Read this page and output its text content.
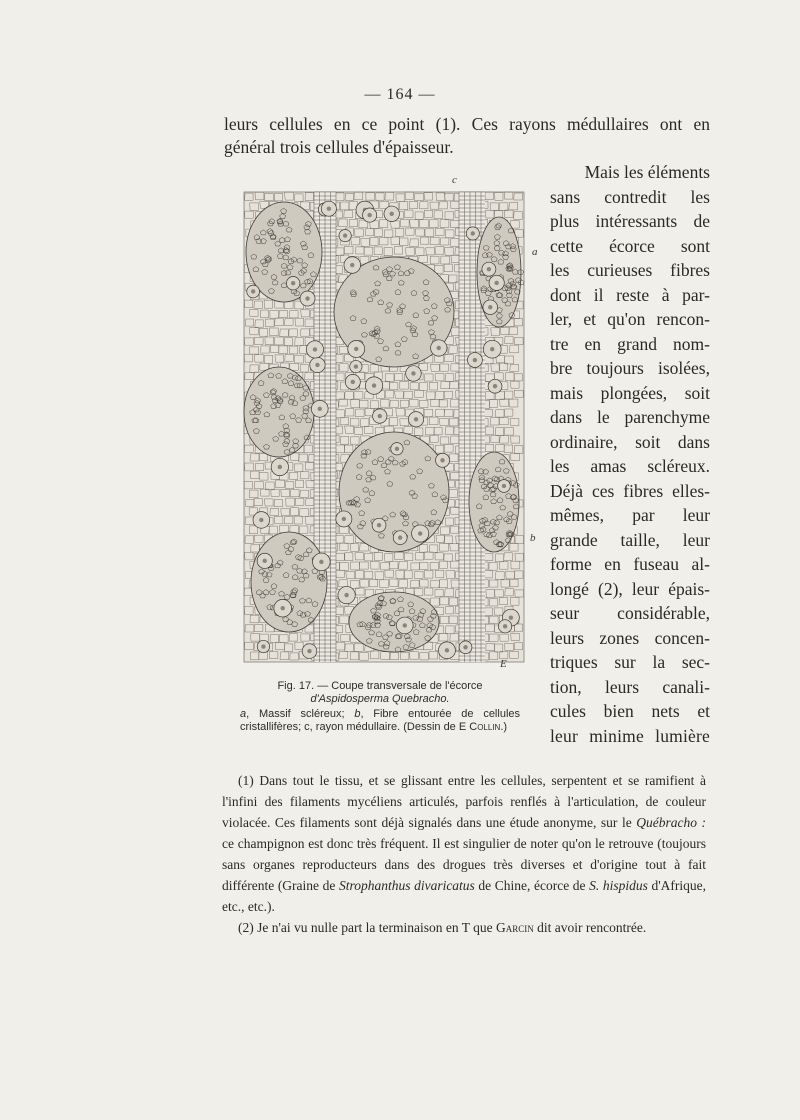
— 164 —

leurs cellules en ce point (1). Ces rayons médullaires ont en
général trois cellules d'épaisseur.

c
a
b
E
Fig. 17. — Coupe transversale de l'écorce
d'Aspidosperma Quebracho.
a, Massif scléreux; b, Fibre entourée de cellules cristallifères; c, rayon médullaire. (Dessin de E Collin.)
Mais les éléments
sans contredit les
plus intéressants de
cette écorce sont
les curieuses fibres
dont il reste à par-
ler, et qu'on rencon-
tre en grand nom-
bre toujours isolées,
mais plongées, soit
dans le parenchyme
ordinaire, soit dans
les amas scléreux.
Déjà ces fibres elles-
mêmes, par leur
grande taille, leur
forme en fuseau al-
longé (2), leur épais-
seur considérable,
leurs zones concen-
triques sur la sec-
tion, leurs canali-
cules bien nets et
leur minime lumière

(1) Dans tout le tissu, et se glissant entre les cellules, serpentent et se ramifient à l'infini des filaments mycéliens articulés, parfois renflés à l'articulation, de couleur violacée. Ces filaments sont déjà signalés dans une étude anonyme, sur le Québracho : ce champignon est donc très fréquent. Il est singulier de noter qu'on le retrouve (toujours sans organes reproducteurs dans des drogues très diverses et d'origine tout à fait différente (Graine de Strophanthus divaricatus de Chine, écorce de S. hispidus d'Afrique, etc., etc.).

(2) Je n'ai vu nulle part la terminaison en T que Garcin dit avoir rencontrée.
